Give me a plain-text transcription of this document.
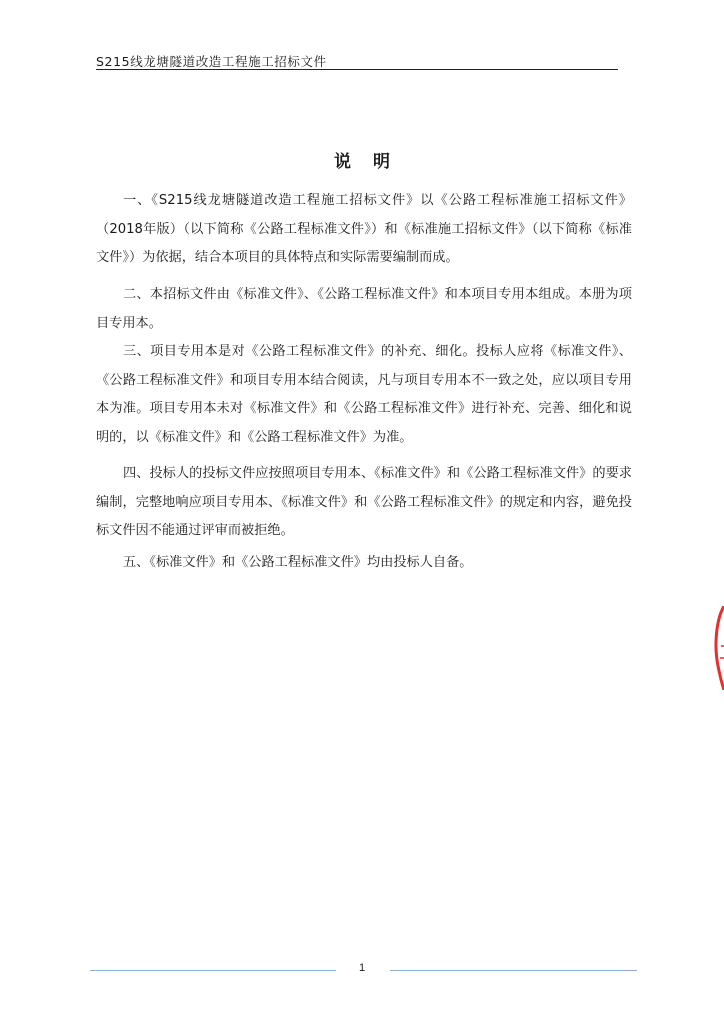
S215线龙塘隧道改造工程施工招标文件
说明
一、《S215线龙塘隧道改造工程施工招标文件》以《公路工程标准施工招标文件》（2018年版）（以下简称《公路工程标准文件》）和《标准施工招标文件》（以下简称《标准文件》）为依据，结合本项目的具体特点和实际需要编制而成。
二、本招标文件由《标准文件》、《公路工程标准文件》和本项目专用本组成。本册为项目专用本。
三、项目专用本是对《公路工程标准文件》的补充、细化。投标人应将《标准文件》、《公路工程标准文件》和项目专用本结合阅读，凡与项目专用本不一致之处，应以项目专用本为准。项目专用本未对《标准文件》和《公路工程标准文件》进行补充、完善、细化和说明的，以《标准文件》和《公路工程标准文件》为准。
四、投标人的投标文件应按照项目专用本、《标准文件》和《公路工程标准文件》的要求编制，完整地响应项目专用本、《标准文件》和《公路工程标准文件》的规定和内容，避免投标文件因不能通过评审而被拒绝。
五、《标准文件》和《公路工程标准文件》均由投标人自备。
1
